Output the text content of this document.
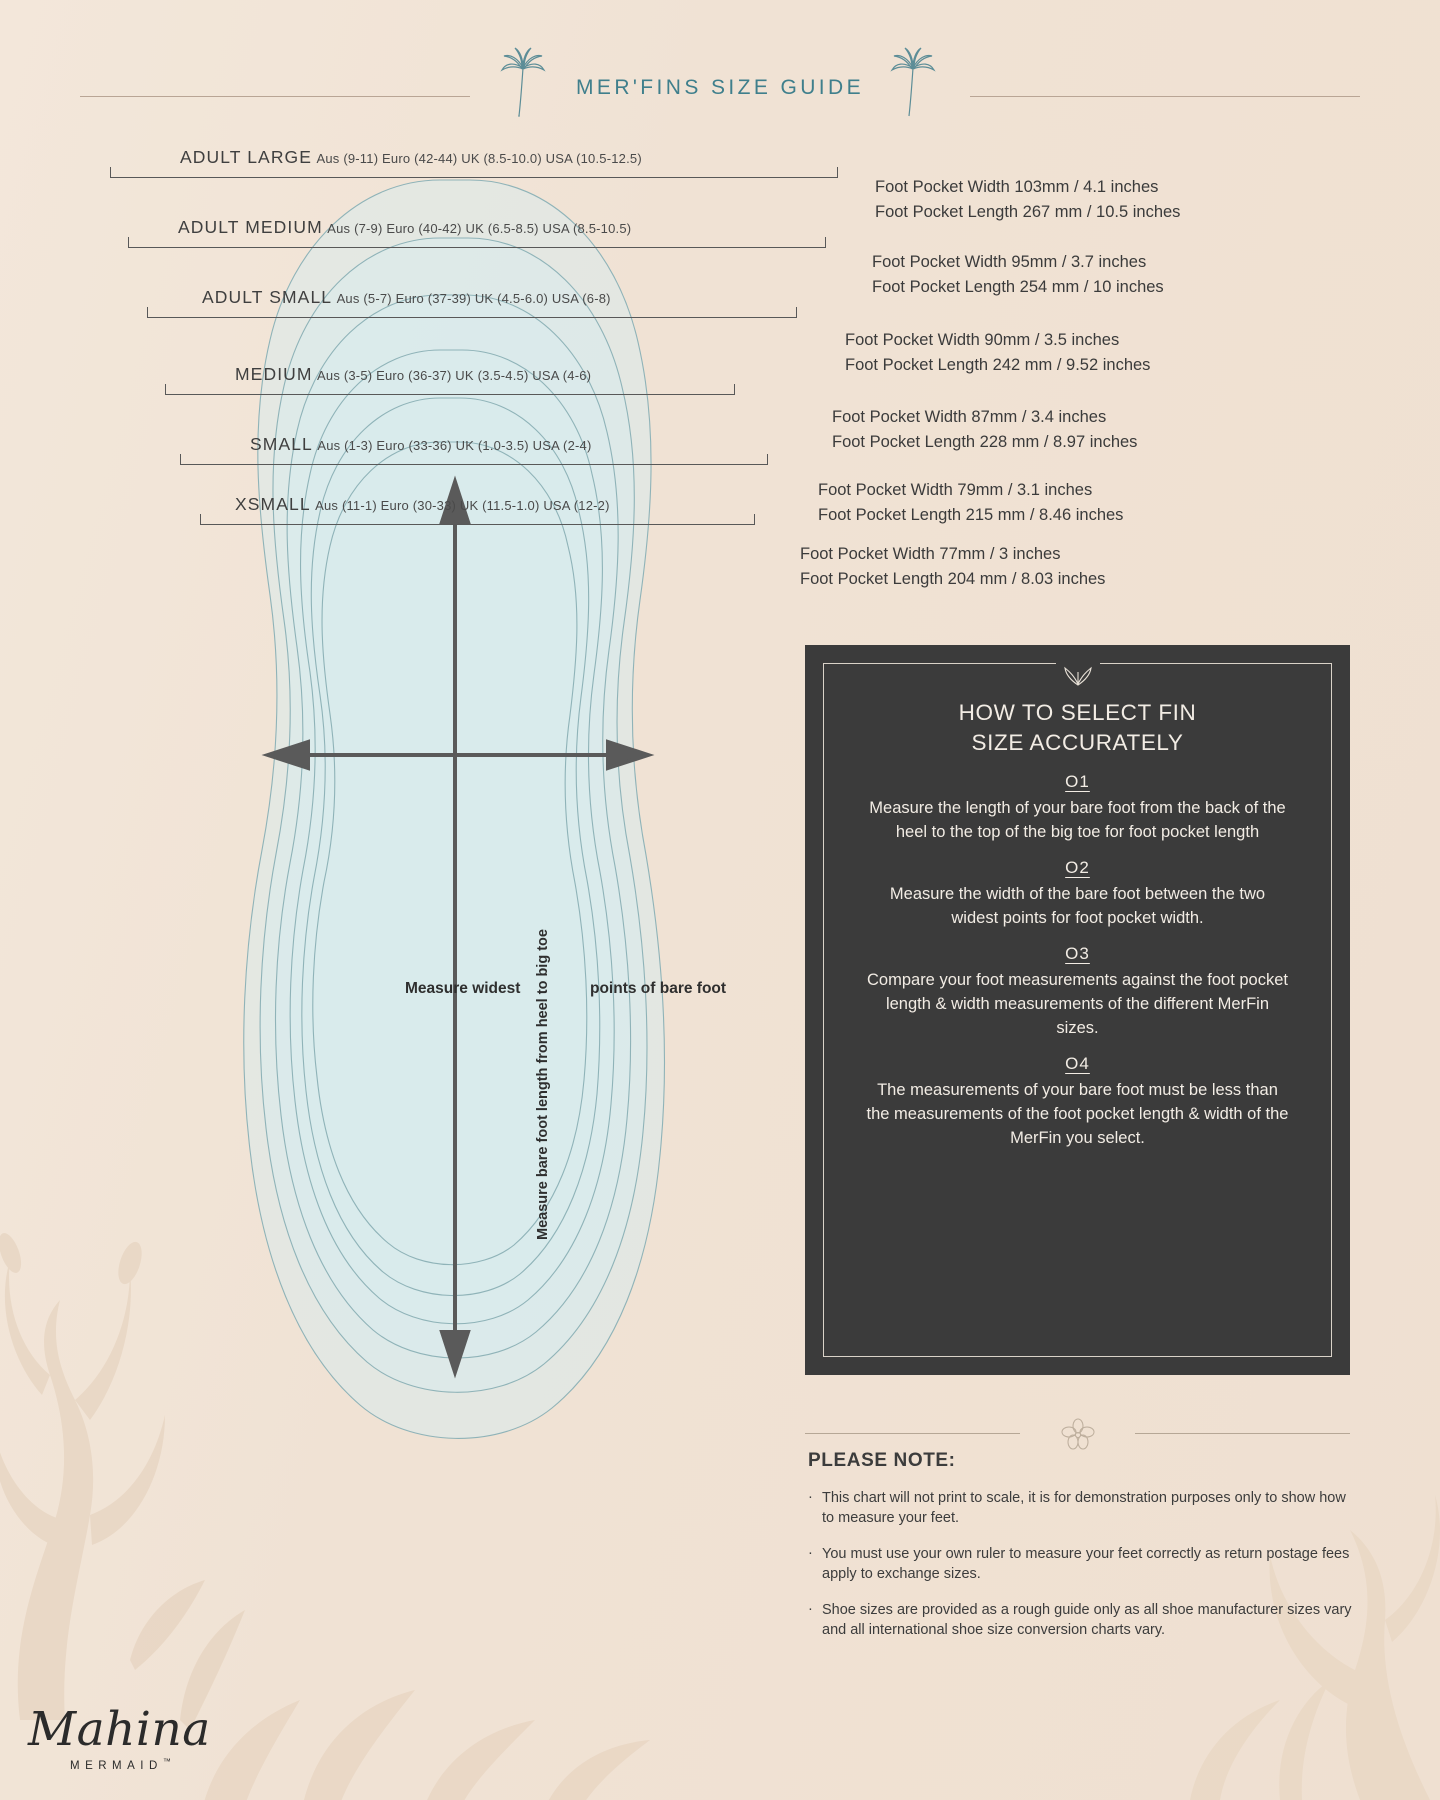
MER'FINS SIZE GUIDE
Measure widest	points of bare foot
Measure bare foot length from heel to big toe
ADULT LARGE Aus (9-11) Euro (42-44) UK (8.5-10.0) USA (10.5-12.5)
ADULT MEDIUM Aus (7-9) Euro (40-42) UK (6.5-8.5) USA (8.5-10.5)
ADULT SMALL Aus (5-7) Euro (37-39) UK (4.5-6.0) USA (6-8)
MEDIUM Aus (3-5) Euro (36-37) UK (3.5-4.5) USA (4-6)
SMALL Aus (1-3) Euro (33-36) UK (1.0-3.5) USA (2-4)
XSMALL Aus (11-1) Euro (30-33) UK (11.5-1.0) USA (12-2)
Foot Pocket Width 103mm / 4.1 inches
Foot Pocket Length 267 mm / 10.5 inches
Foot Pocket Width 95mm / 3.7 inches
Foot Pocket Length 254 mm / 10 inches
Foot Pocket Width 90mm / 3.5 inches
Foot Pocket Length 242 mm / 9.52 inches
Foot Pocket Width 87mm / 3.4 inches
Foot Pocket Length 228 mm / 8.97 inches
Foot Pocket Width 79mm / 3.1 inches
Foot Pocket Length 215 mm / 8.46 inches
Foot Pocket Width 77mm / 3 inches
Foot Pocket Length 204 mm / 8.03 inches
HOW TO SELECT FIN
SIZE ACCURATELY
O1
Measure the length of your bare foot from the back of the heel to the top of the big toe for foot pocket length
O2
Measure the width of the bare foot between the two widest points for foot pocket width.
O3
Compare your foot measurements against the foot pocket length & width measurements of the different MerFin sizes.
O4
The measurements of your bare foot must be less than the measurements of the foot pocket length & width of the MerFin you select.
PLEASE NOTE:
· This chart will not print to scale, it is for demonstration purposes only to show how to measure your feet.
· You must use your own ruler to measure your feet correctly as return postage fees apply to exchange sizes.
· Shoe sizes are provided as a rough guide only as all shoe manufacturer sizes vary and all international shoe size conversion charts vary.
Mahina
MERMAID™
